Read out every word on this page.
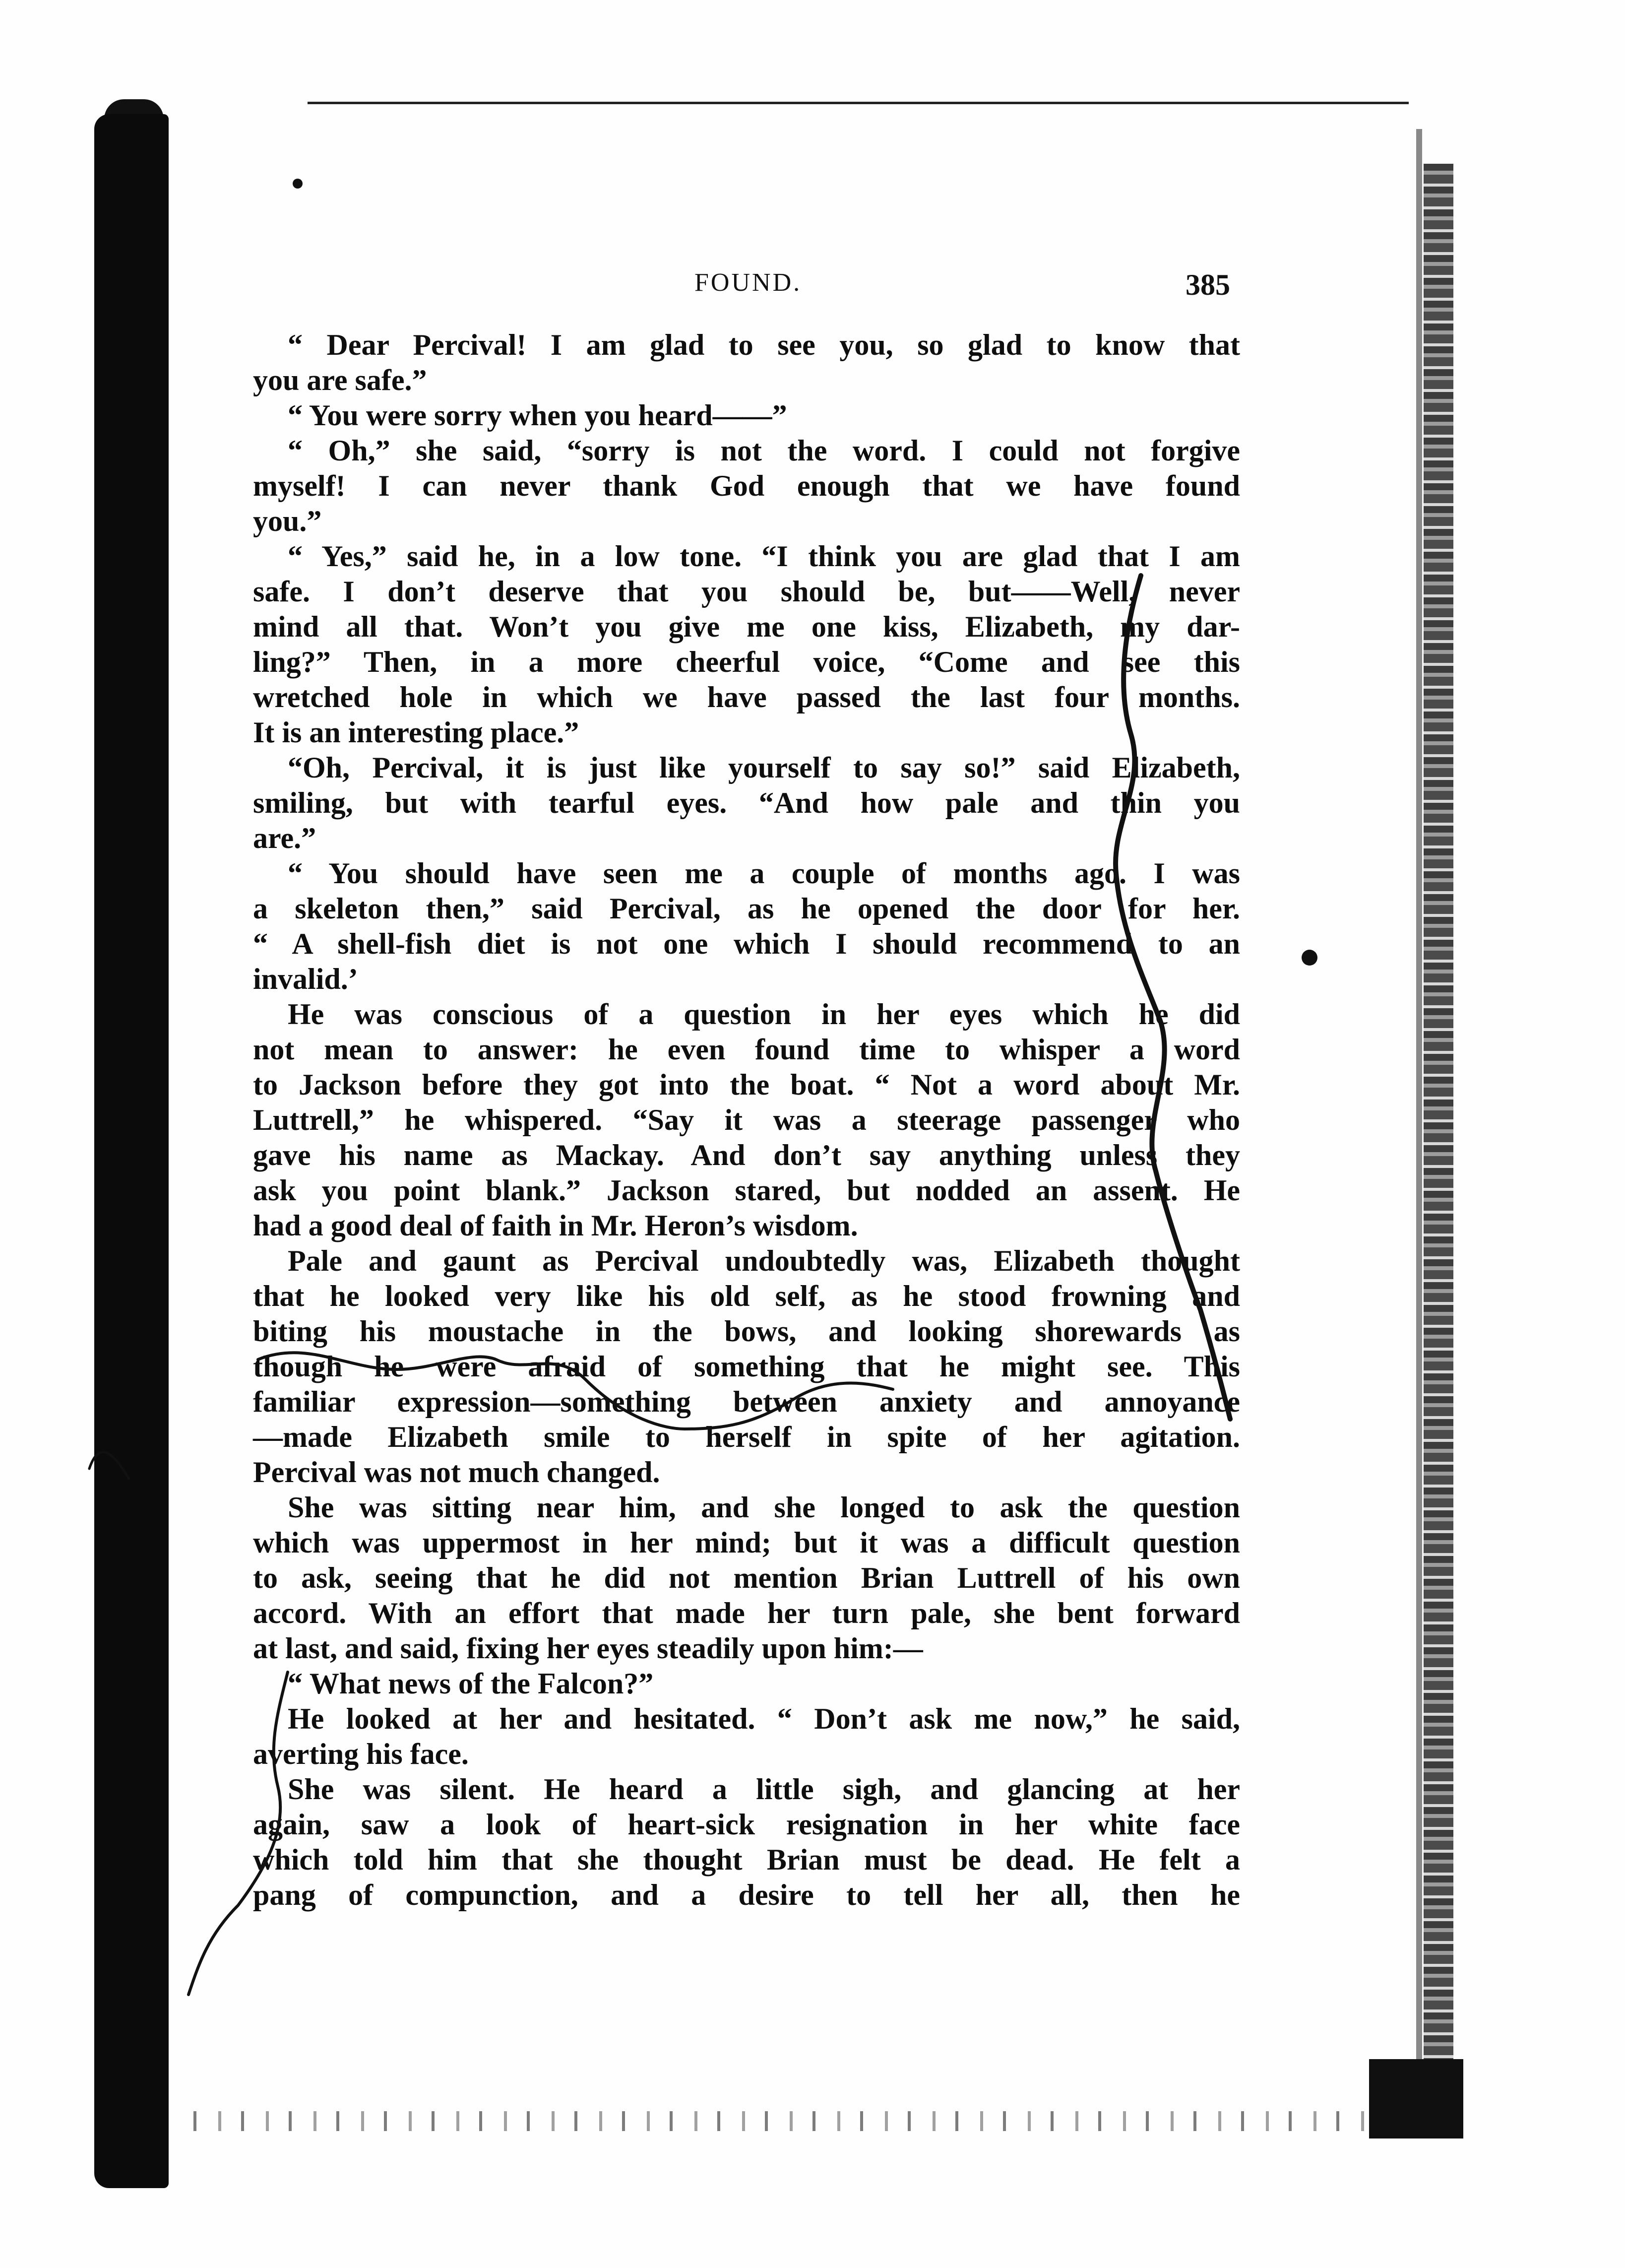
FOUND.	385
“ Dear Percival! I am glad to see you, so glad to know that
you are safe.”
“ You were sorry when you heard——”
“ Oh,” she said, “sorry is not the word. I could not forgive
myself! I can never thank God enough that we have found
you.”
“ Yes,” said he, in a low tone. “I think you are glad that I am
safe. I don’t deserve that you should be, but——Well, never
mind all that. Won’t you give me one kiss, Elizabeth, my dar-
ling?” Then, in a more cheerful voice, “Come and see this
wretched hole in which we have passed the last four months.
It is an interesting place.”
“Oh, Percival, it is just like yourself to say so!” said Elizabeth,
smiling, but with tearful eyes. “And how pale and thin you
are.”
“ You should have seen me a couple of months ago. I was
a skeleton then,” said Percival, as he opened the door for her.
“ A shell-fish diet is not one which I should recommend to an
invalid.’
He was conscious of a question in her eyes which he did
not mean to answer: he even found time to whisper a word
to Jackson before they got into the boat. “ Not a word about Mr.
Luttrell,” he whispered. “Say it was a steerage passenger who
gave his name as Mackay. And don’t say anything unless they
ask you point blank.” Jackson stared, but nodded an assent. He
had a good deal of faith in Mr. Heron’s wisdom.
Pale and gaunt as Percival undoubtedly was, Elizabeth thought
that he looked very like his old self, as he stood frowning and
biting his moustache in the bows, and looking shorewards as
though he were afraid of something that he might see. This
familiar expression—something between anxiety and annoyance
—made Elizabeth smile to herself in spite of her agitation.
Percival was not much changed.
She was sitting near him, and she longed to ask the question
which was uppermost in her mind; but it was a difficult question
to ask, seeing that he did not mention Brian Luttrell of his own
accord. With an effort that made her turn pale, she bent forward
at last, and said, fixing her eyes steadily upon him:—
“ What news of the Falcon?”
He looked at her and hesitated. “ Don’t ask me now,” he said,
averting his face.
She was silent. He heard a little sigh, and glancing at her
again, saw a look of heart-sick resignation in her white face
which told him that she thought Brian must be dead. He felt a
pang of compunction, and a desire to tell her all, then he
